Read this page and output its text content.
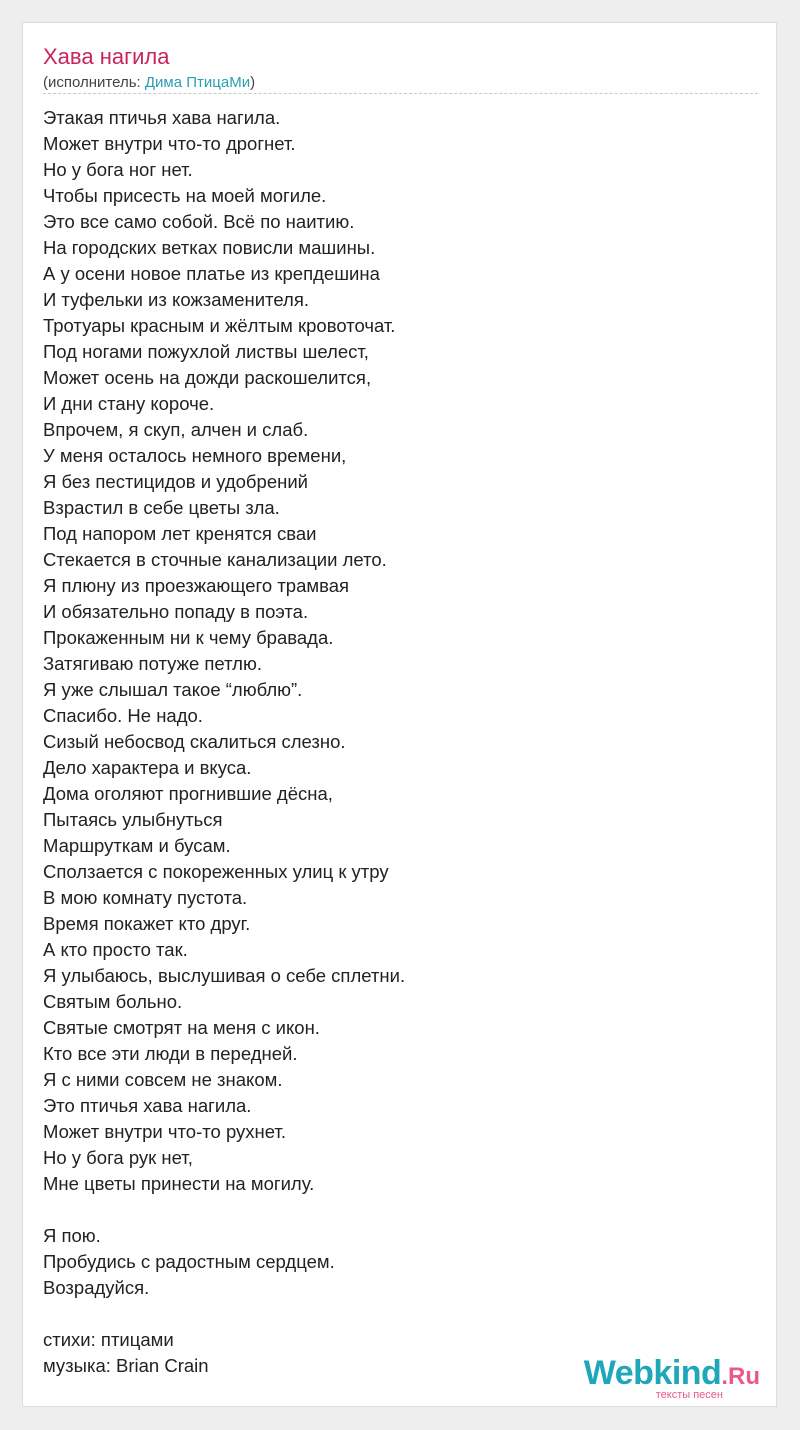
Хава нагила
(исполнитель: Дима ПтицаМи)
Этакая птичья хава нагила.
Может внутри что-то дрогнет.
Но у бога ног нет.
Чтобы присесть на моей могиле.
Это все само собой. Всё по наитию.
На городских ветках повисли машины.
А у осени новое платье из крепдешина
И туфельки из кожзаменителя.
Тротуары красным и жёлтым кровоточат.
Под ногами пожухлой листвы шелест,
Может осень на дожди раскошелится,
И дни стану короче.
Впрочем, я скуп, алчен и слаб.
У меня осталось немного времени,
Я без пестицидов и удобрений
Взрастил в себе цветы зла.
Под напором лет кренятся сваи
Стекается в сточные канализации лето.
Я плюну из проезжающего трамвая
И обязательно попаду в поэта.
Прокаженным ни к чему бравада.
Затягиваю потуже петлю.
Я уже слышал такое “люблю”.
Спасибо. Не надо.
Сизый небосвод скалиться слезно.
Дело характера и вкуса.
Дома оголяют прогнившие дёсна,
Пытаясь улыбнуться
Маршруткам и бусам.
Сползается с покореженных улиц к утру
В мою комнату пустота.
Время покажет кто друг.
А кто просто так.
Я улыбаюсь, выслушивая о себе сплетни.
Святым больно.
Святые смотрят на меня с икон.
Кто все эти люди в передней.
Я с ними совсем не знаком.
Это птичья хава нагила.
Может внутри что-то рухнет.
Но у бога рук нет,
Мне цветы принести на могилу.
Я пою.
Пробудись с радостным сердцем.
Возрадуйся.
стихи: птицами
музыка: Brian Crain	Webkind.Ru
тексты песен
